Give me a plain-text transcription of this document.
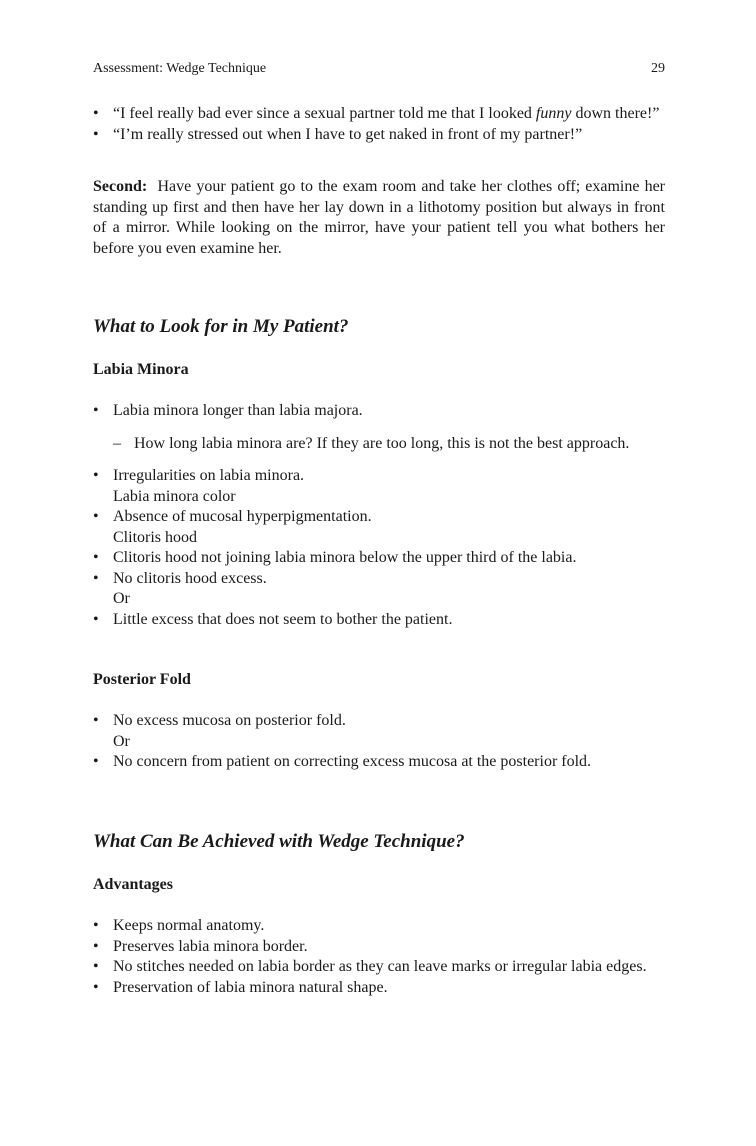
Assessment: Wedge Technique	29
• “I feel really bad ever since a sexual partner told me that I looked funny down there!”
• “I’m really stressed out when I have to get naked in front of my partner!”

Second: Have your patient go to the exam room and take her clothes off; examine her standing up first and then have her lay down in a lithotomy position but always in front of a mirror. While looking on the mirror, have your patient tell you what bothers her before you even examine her.

What to Look for in My Patient?
Labia Minora
• Labia minora longer than labia majora.
– How long labia minora are? If they are too long, this is not the best approach.
• Irregularities on labia minora.
Labia minora color
• Absence of mucosal hyperpigmentation.
Clitoris hood
• Clitoris hood not joining labia minora below the upper third of the labia.
• No clitoris hood excess.
Or
• Little excess that does not seem to bother the patient.
Posterior Fold
• No excess mucosa on posterior fold.
Or
• No concern from patient on correcting excess mucosa at the posterior fold.
What Can Be Achieved with Wedge Technique?
Advantages
• Keeps normal anatomy.
• Preserves labia minora border.
• No stitches needed on labia border as they can leave marks or irregular labia edges.
• Preservation of labia minora natural shape.
